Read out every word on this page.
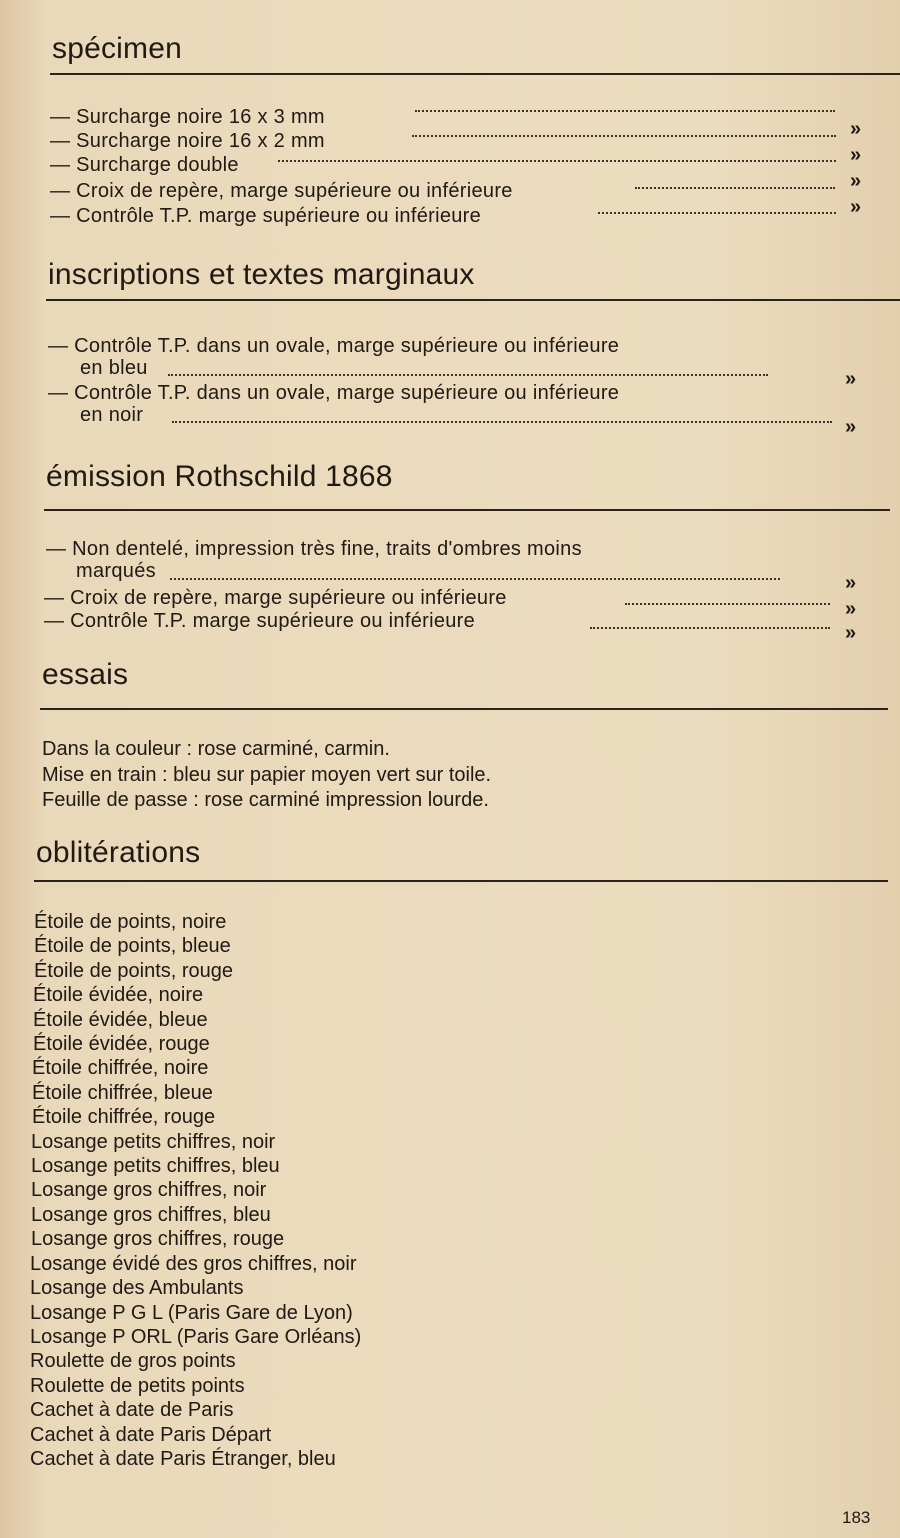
spécimen
— Surcharge noire 16 x 3 mm
— Surcharge noire 16 x 2 mm
— Surcharge double
— Croix de repère, marge supérieure ou inférieure
— Contrôle T.P. marge supérieure ou inférieure
»
»
»
»
inscriptions et textes marginaux
— Contrôle T.P. dans un ovale, marge supérieure ou inférieure
en bleu	»
— Contrôle T.P. dans un ovale, marge supérieure ou inférieure
en noir
»
émission Rothschild 1868
— Non dentelé, impression très fine, traits d'ombres moins
marqués
»
— Croix de repère, marge supérieure ou inférieure	»
— Contrôle T.P. marge supérieure ou inférieure
»
essais
Dans la couleur : rose carminé, carmin.
Mise en train : bleu sur papier moyen vert sur toile.
Feuille de passe : rose carminé impression lourde.
oblitérations
Étoile de points, noire
Étoile de points, bleue
Étoile de points, rouge
Étoile évidée, noire
Étoile évidée, bleue
Étoile évidée, rouge
Étoile chiffrée, noire
Étoile chiffrée, bleue
Étoile chiffrée, rouge
Losange petits chiffres, noir
Losange petits chiffres, bleu
Losange gros chiffres, noir
Losange gros chiffres, bleu
Losange gros chiffres, rouge
Losange évidé des gros chiffres, noir
Losange des Ambulants
Losange P G L (Paris Gare de Lyon)
Losange P ORL (Paris Gare Orléans)
Roulette de gros points
Roulette de petits points
Cachet à date de Paris
Cachet à date Paris Départ
Cachet à date Paris Étranger, bleu
183
